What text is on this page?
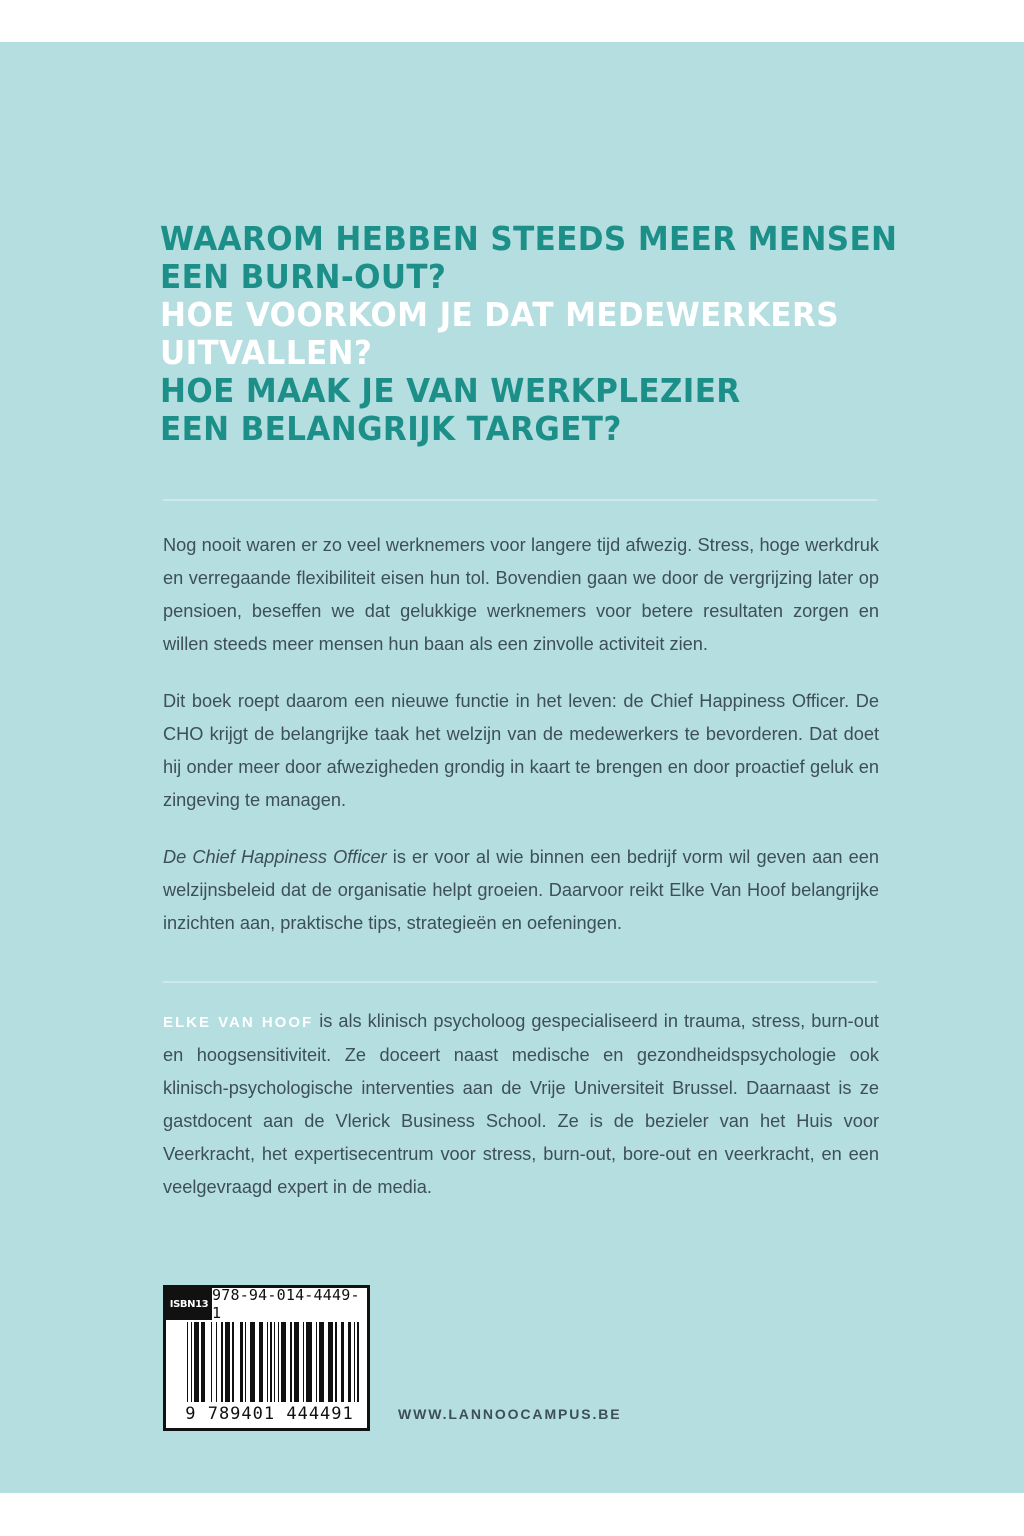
WAAROM HEBBEN STEEDS MEER MENSEN
EEN BURN-OUT?
HOE VOORKOM JE DAT MEDEWERKERS
UITVALLEN?
HOE MAAK JE VAN WERKPLEZIER
EEN BELANGRIJK TARGET?

Nog nooit waren er zo veel werknemers voor langere tijd afwezig. Stress, hoge werkdruk en verregaande flexibiliteit eisen hun tol. Bovendien gaan we door de vergrijzing later op pensioen, beseffen we dat gelukkige werknemers voor betere resultaten zorgen en willen steeds meer mensen hun baan als een zinvolle activiteit zien.

Dit boek roept daarom een nieuwe functie in het leven: de Chief Happiness Officer. De CHO krijgt de belangrijke taak het welzijn van de medewerkers te bevorderen. Dat doet hij onder meer door afwezigheden grondig in kaart te brengen en door proactief geluk en zingeving te managen.

De Chief Happiness Officer is er voor al wie binnen een bedrijf vorm wil geven aan een welzijnsbeleid dat de organisatie helpt groeien. Daarvoor reikt Elke Van Hoof belangrijke inzichten aan, praktische tips, strategieën en oefeningen.

ELKE VAN HOOF is als klinisch psycholoog gespecialiseerd in trauma, stress, burn-out en hoogsensitiviteit. Ze doceert naast medische en gezondheidspsychologie ook klinisch-psychologische interventies aan de Vrije Universiteit Brussel. Daarnaast is ze gastdocent aan de Vlerick Business School. Ze is de bezieler van het Huis voor Veerkracht, het expertisecentrum voor stress, burn-out, bore-out en veerkracht, en een veelgevraagd expert in de media.

ISBN13 978-94-014-4449-1
9 789401 444491	WWW.LANNOOCAMPUS.BE
